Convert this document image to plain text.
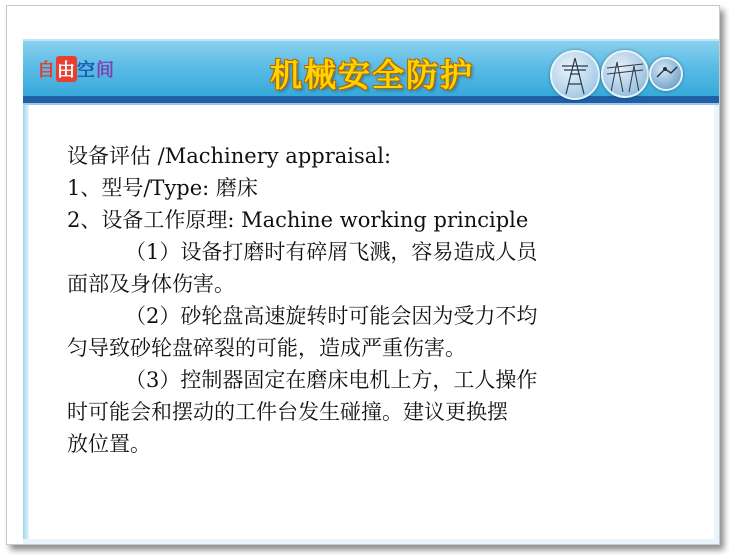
自由空间	机械安全防护
设备评估 /Machinery appraisal:
1、型号/Type: 磨床
2、设备工作原理: Machine working principle
（1）设备打磨时有碎屑飞溅，容易造成人员
面部及身体伤害。
（2）砂轮盘高速旋转时可能会因为受力不均
匀导致砂轮盘碎裂的可能，造成严重伤害。
（3）控制器固定在磨床电机上方，工人操作
时可能会和摆动的工件台发生碰撞。建议更换摆
放位置。
